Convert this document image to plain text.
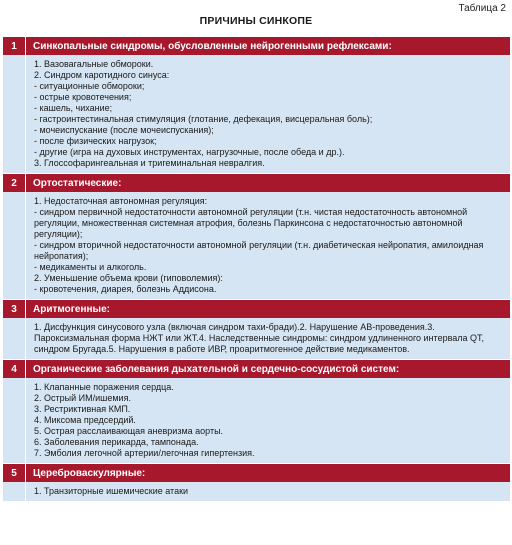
Таблица 2
ПРИЧИНЫ СИНКОПЕ
1	Синкопальные синдромы, обусловленные нейрогенными рефлексами:
1. Вазовагальные обмороки.
2. Синдром каротидного синуса:
- ситуационные обмороки;
- острые кровотечения;
- кашель, чихание;
- гастроинтестинальная стимуляция (глотание, дефекация, висцеральная боль);
- мочеиспускание (после мочеиспускания);
- после физических нагрузок;
- другие (игра на духовых инструментах, нагрузочные, после обеда и др.).
3. Глоссофарингеальная и тригеминальная невралгия.
2	Ортостатические:
1. Недостаточная автономная регуляция:
- синдром первичной недостаточности автономной регуляции (т.н. чистая недостаточность автономной регуляции, множественная системная атрофия, болезнь Паркинсона с недостаточностью автономной регуляции);
- синдром вторичной недостаточности автономной регуляции (т.н. диабетическая нейропатия, амилоидная нейропатия);
- медикаменты и алкоголь.
2. Уменьшение объема крови (гиповолемия):
- кровотечения, диарея, болезнь Аддисона.
3	Аритмогенные:
1. Дисфункция синусового узла (включая синдром тахи-бради).2. Нарушение АВ-проведения.3. Пароксизмальная форма НЖТ или ЖТ.4. Наследственные синдромы: синдром удлиненного интервала QT, синдром Бругада.5. Нарушения в работе ИВР, проаритмогенное действие медикаментов.
4	Органические заболевания дыхательной и сердечно-сосудистой систем:
1. Клапанные поражения сердца.
2. Острый ИМ/ишемия.
3. Рестриктивная КМП.
4. Миксома предсердий.
5. Острая расслаивающая аневризма аорты.
6. Заболевания перикарда, тампонада.
7. Эмболия легочной артерии/легочная гипертензия.
5	Цереброваскулярные:
1. Транзиторные ишемические атаки
